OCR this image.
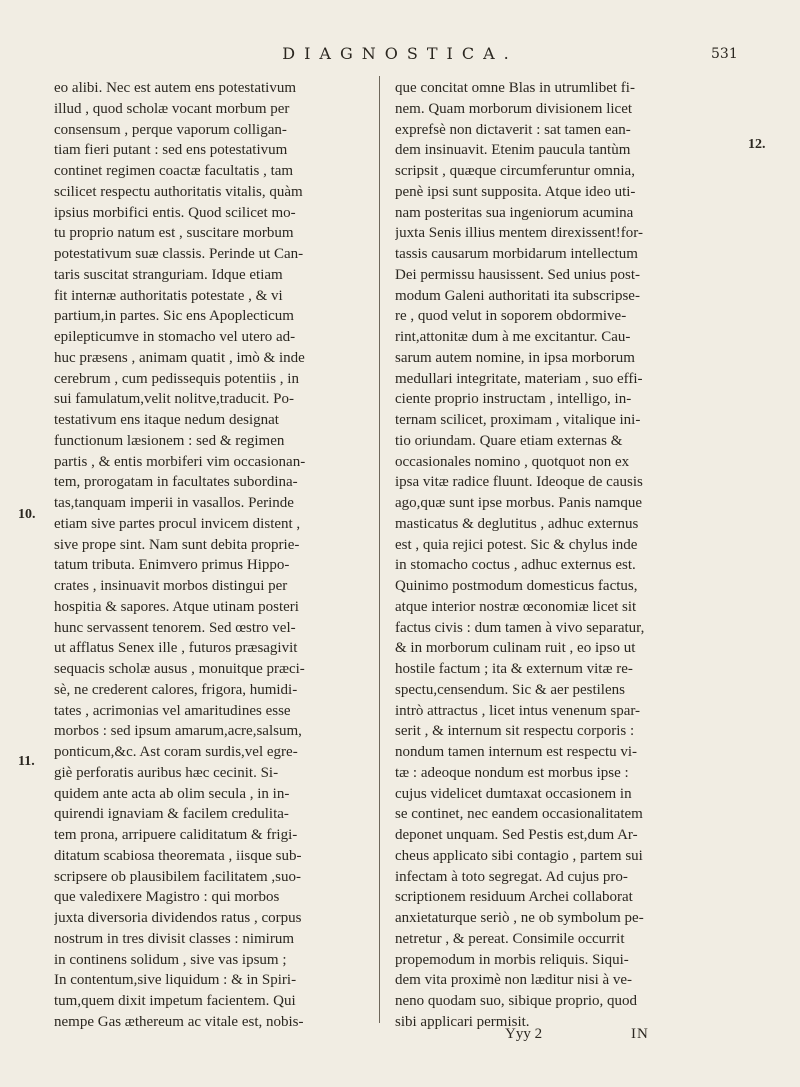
DIAGNOSTICA.	531
10.
11.
12.
eo alibi. Nec est autem ens potestativum
illud , quod scholæ vocant morbum per
consensum , perque vaporum colligan-
tiam fieri putant : sed ens potestativum
continet regimen coactæ facultatis , tam
scilicet respectu authoritatis vitalis, quàm
ipsius morbifici entis. Quod scilicet mo-
tu proprio natum est , suscitare morbum
potestativum suæ classis. Perinde ut Can-
taris suscitat stranguriam. Idque etiam
fit internæ authoritatis potestate , & vi
partium,in partes. Sic ens Apoplecticum
epilepticumve in stomacho vel utero ad-
huc præsens , animam quatit , imò & inde
cerebrum , cum pedissequis potentiis , in
sui famulatum,velit nolitve,traducit. Po-
testativum ens itaque nedum designat
functionum læsionem : sed & regimen
partis , & entis morbiferi vim occasionan-
tem, prorogatam in facultates subordina-
tas,tanquam imperii in vasallos. Perinde
etiam sive partes procul invicem distent ,
sive prope sint. Nam sunt debita proprie-
tatum tributa. Enimvero primus Hippo-
crates , insinuavit morbos distingui per
hospitia & sapores. Atque utinam posteri
hunc servassent tenorem. Sed œstro vel-
ut afflatus Senex ille , futuros præsagivit
sequacis scholæ ausus , monuitque præci-
sè, ne crederent calores, frigora, humidi-
tates , acrimonias vel amaritudines esse
morbos : sed ipsum amarum,acre,salsum,
ponticum,&c. Ast coram surdis,vel egre-
giè perforatis auribus hæc cecinit. Si-
quidem ante acta ab olim secula , in in-
quirendi ignaviam & facilem credulita-
tem prona, arripuere caliditatum & frigi-
ditatum scabiosa theoremata , iisque sub-
scripsere ob plausibilem facilitatem ,suo-
que valedixere Magistro : qui morbos
juxta diversoria dividendos ratus , corpus
nostrum in tres divisit classes : nimirum
in continens solidum , sive vas ipsum ;
In contentum,sive liquidum : & in Spiri-
tum,quem dixit impetum facientem. Qui
nempe Gas æthereum ac vitale est, nobis-
que concitat omne Blas in utrumlibet fi-
nem. Quam morborum divisionem licet
exprefsè non dictaverit : sat tamen ean-
dem insinuavit. Etenim paucula tantùm
scripsit , quæque circumferuntur omnia,
penè ipsi sunt supposita. Atque ideo uti-
nam posteritas sua ingeniorum acumina
juxta Senis illius mentem direxissent!for-
tassis causarum morbidarum intellectum
Dei permissu hausissent. Sed unius post-
modum Galeni authoritati ita subscripse-
re , quod velut in soporem obdormive-
rint,attonitæ dum à me excitantur. Cau-
sarum autem nomine, in ipsa morborum
medullari integritate, materiam , suo effi-
ciente proprio instructam , intelligo, in-
ternam scilicet, proximam , vitalique ini-
tio oriundam. Quare etiam externas &
occasionales nomino , quotquot non ex
ipsa vitæ radice fluunt. Ideoque de causis
ago,quæ sunt ipse morbus. Panis namque
masticatus & deglutitus , adhuc externus
est , quia rejici potest. Sic & chylus inde
in stomacho coctus , adhuc externus est.
Quinimo postmodum domesticus factus,
atque interior nostræ œconomiæ licet sit
factus civis : dum tamen à vivo separatur,
& in morborum culinam ruit , eo ipso ut
hostile factum ; ita & externum vitæ re-
spectu,censendum. Sic & aer pestilens
intrò attractus , licet intus venenum spar-
serit , & internum sit respectu corporis :
nondum tamen internum est respectu vi-
tæ : adeoque nondum est morbus ipse :
cujus videlicet dumtaxat occasionem in
se continet, nec eandem occasionalitatem
deponet unquam. Sed Pestis est,dum Ar-
cheus applicato sibi contagio , partem sui
infectam à toto segregat. Ad cujus pro-
scriptionem residuum Archei collaborat
anxietaturque seriò , ne ob symbolum pe-
netretur , & pereat. Consimile occurrit
propemodum in morbis reliquis. Siqui-
dem vita proximè non læditur nisi à ve-
neno quodam suo, sibique proprio, quod
sibi applicari permisit.
Yyy 2	IN
